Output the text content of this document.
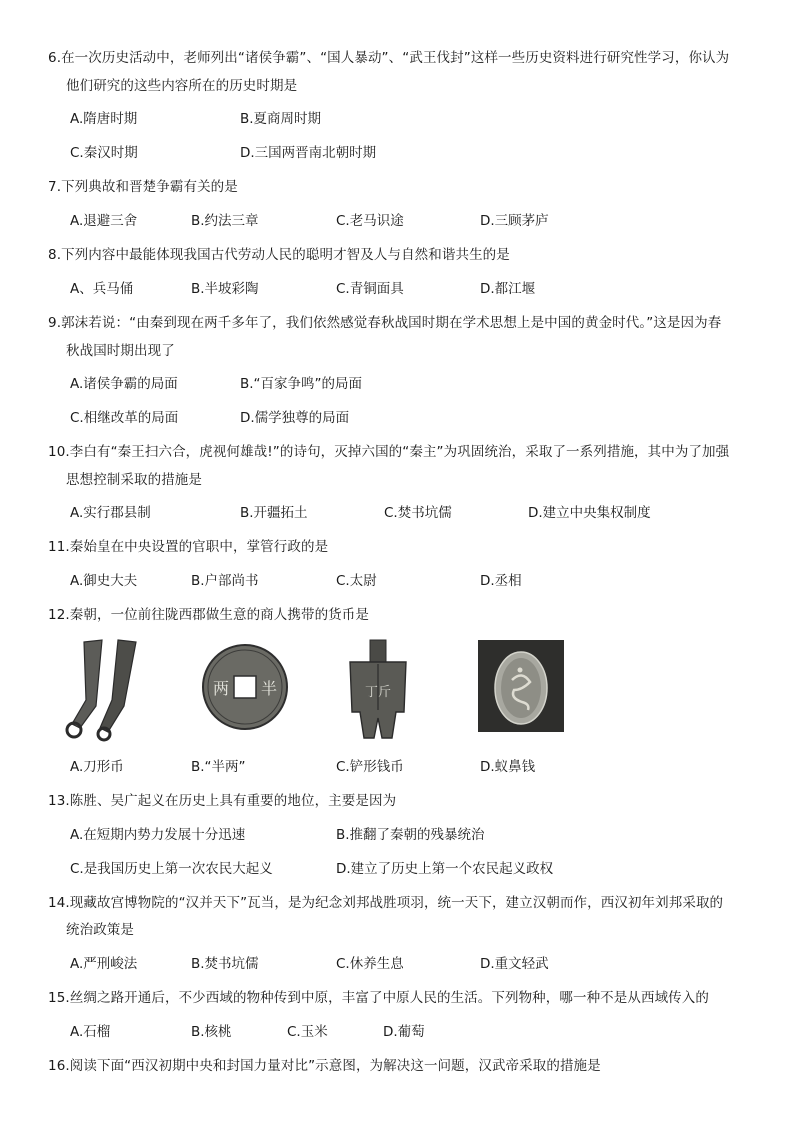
6.在一次历史活动中，老师列出“诸侯争霸”、“国人暴动”、“武王伐封”这样一些历史资料进行研究性学习，你认为
他们研究的这些内容所在的历史时期是
A.隋唐时期	B.夏商周时期
C.秦汉时期	D.三国两晋南北朝时期
7.下列典故和晋楚争霸有关的是
A.退避三舍	B.约法三章	C.老马识途	D.三顾茅庐
8.下列内容中最能体现我国古代劳动人民的聪明才智及人与自然和谐共生的是
A、兵马俑	B.半坡彩陶	C.青铜面具	D.都江堰
9.郭沫若说：“由秦到现在两千多年了，我们依然感觉春秋战国时期在学术思想上是中国的黄金时代。”这是因为春
秋战国时期出现了
A.诸侯争霸的局面	B.“百家争鸣”的局面
C.相继改革的局面	D.儒学独尊的局面
10.李白有“秦王扫六合，虎视何雄哉!”的诗句，灭掉六国的“秦主”为巩固统治，采取了一系列措施，其中为了加强
思想控制采取的措施是
A.实行郡县制	B.开疆拓土	C.焚书坑儒	D.建立中央集权制度
11.秦始皇在中央设置的官职中，掌管行政的是
A.御史大夫	B.户部尚书	C.太尉	D.丞相
12.秦朝，一位前往陇西郡做生意的商人携带的货币是
两 半	丁斤
A.刀形币	B.“半两”	C.铲形钱币	D.蚁鼻钱
13.陈胜、吴广起义在历史上具有重要的地位，主要是因为
A.在短期内势力发展十分迅速	B.推翻了秦朝的残暴统治
C.是我国历史上第一次农民大起义	D.建立了历史上第一个农民起义政权
14.现藏故宫博物院的“汉并天下”瓦当，是为纪念刘邦战胜项羽，统一天下，建立汉朝而作，西汉初年刘邦采取的
统治政策是
A.严刑峻法	B.焚书坑儒	C.休养生息	D.重文轻武
15.丝绸之路开通后，不少西域的物种传到中原，丰富了中原人民的生活。下列物种，哪一种不是从西域传入的
A.石榴	B.核桃	C.玉米	D.葡萄
16.阅读下面“西汉初期中央和封国力量对比”示意图，为解决这一问题，汉武帝采取的措施是
